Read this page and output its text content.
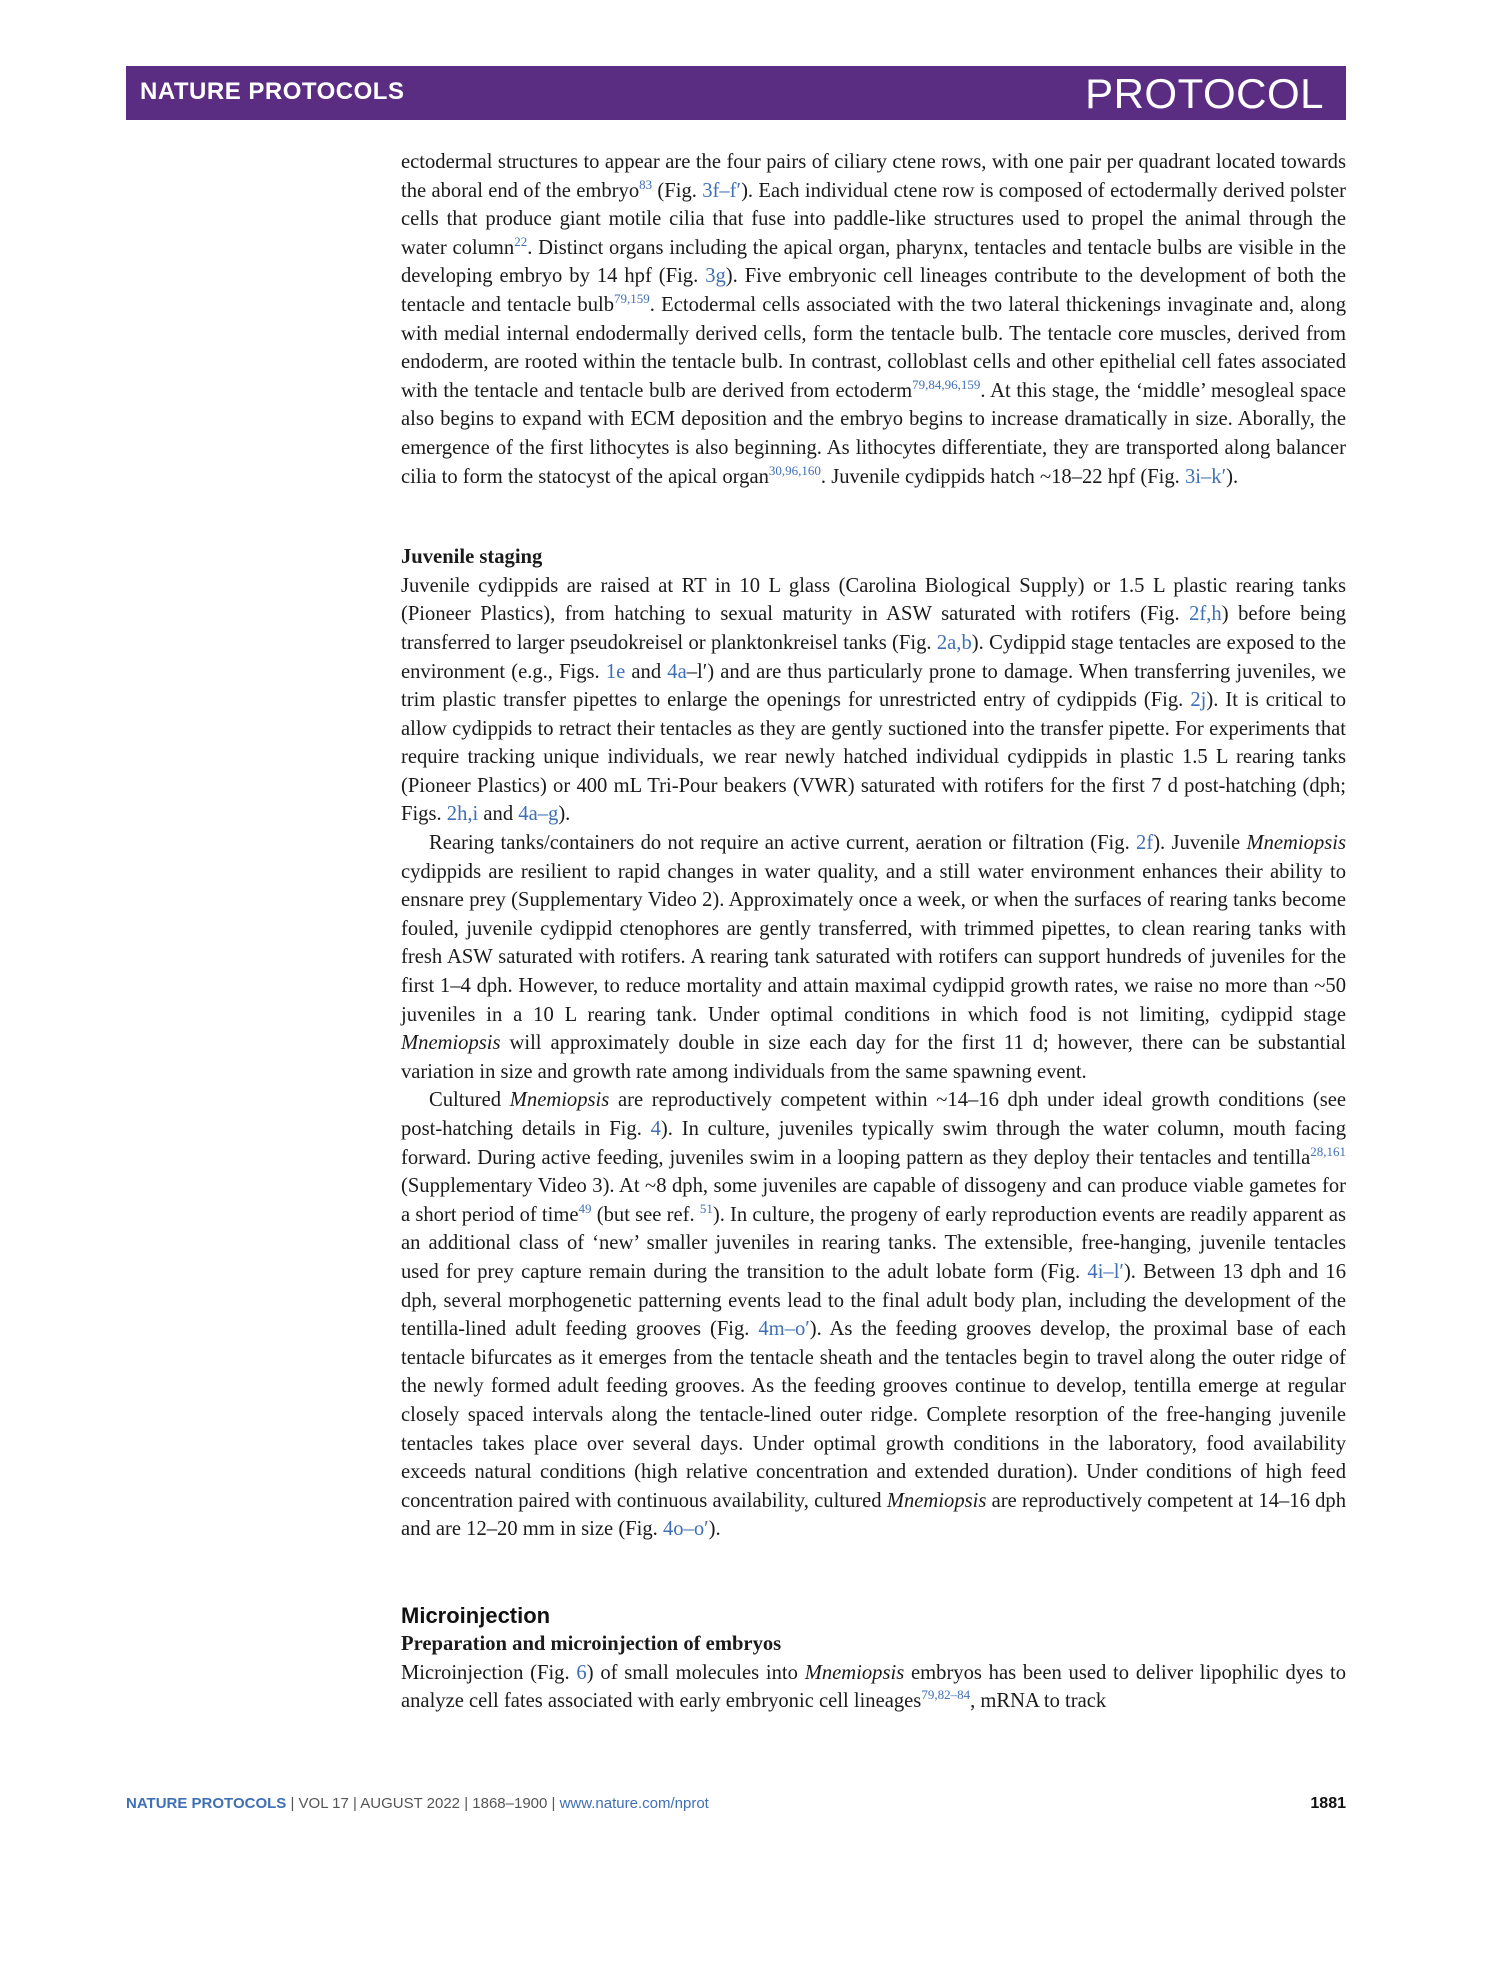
NATURE PROTOCOLS	PROTOCOL

ectodermal structures to appear are the four pairs of ciliary ctene rows, with one pair per quadrant located towards the aboral end of the embryo$^{83}$ (Fig. 3f–f′). Each individual ctene row is composed of ectodermally derived polster cells that produce giant motile cilia that fuse into paddle-like structures used to propel the animal through the water column$^{22}$. Distinct organs including the apical organ, pharynx, tentacles and tentacle bulbs are visible in the developing embryo by 14 hpf (Fig. 3g). Five embryonic cell lineages contribute to the development of both the tentacle and tentacle bulb$^{79,159}$. Ectodermal cells associated with the two lateral thickenings invaginate and, along with medial internal endodermally derived cells, form the tentacle bulb. The tentacle core muscles, derived from endoderm, are rooted within the tentacle bulb. In contrast, colloblast cells and other epithelial cell fates associated with the tentacle and tentacle bulb are derived from ectoderm$^{79,84,96,159}$. At this stage, the ‘middle’ mesogleal space also begins to expand with ECM deposition and the embryo begins to increase dramatically in size. Aborally, the emergence of the first lithocytes is also beginning. As lithocytes differentiate, they are transported along balancer cilia to form the statocyst of the apical organ$^{30,96,160}$. Juvenile cydippids hatch ~18–22 hpf (Fig. 3i–k′).

Juvenile staging

Juvenile cydippids are raised at RT in 10 L glass (Carolina Biological Supply) or 1.5 L plastic rearing tanks (Pioneer Plastics), from hatching to sexual maturity in ASW saturated with rotifers (Fig. 2f,h) before being transferred to larger pseudokreisel or planktonkreisel tanks (Fig. 2a,b). Cydippid stage tentacles are exposed to the environment (e.g., Figs. 1e and 4a–l′) and are thus particularly prone to damage. When transferring juveniles, we trim plastic transfer pipettes to enlarge the openings for unrestricted entry of cydippids (Fig. 2j). It is critical to allow cydippids to retract their tentacles as they are gently suctioned into the transfer pipette. For experiments that require tracking unique individuals, we rear newly hatched individual cydippids in plastic 1.5 L rearing tanks (Pioneer Plastics) or 400 mL Tri-Pour beakers (VWR) saturated with rotifers for the first 7 d post-hatching (dph; Figs. 2h,i and 4a–g).

Rearing tanks/containers do not require an active current, aeration or filtration (Fig. 2f). Juvenile Mnemiopsis cydippids are resilient to rapid changes in water quality, and a still water environment enhances their ability to ensnare prey (Supplementary Video 2). Approximately once a week, or when the surfaces of rearing tanks become fouled, juvenile cydippid ctenophores are gently transferred, with trimmed pipettes, to clean rearing tanks with fresh ASW saturated with rotifers. A rearing tank saturated with rotifers can support hundreds of juveniles for the first 1–4 dph. However, to reduce mortality and attain maximal cydippid growth rates, we raise no more than ~50 juveniles in a 10 L rearing tank. Under optimal conditions in which food is not limiting, cydippid stage Mnemiopsis will approximately double in size each day for the first 11 d; however, there can be substantial variation in size and growth rate among individuals from the same spawning event.

Cultured Mnemiopsis are reproductively competent within ~14–16 dph under ideal growth conditions (see post-hatching details in Fig. 4). In culture, juveniles typically swim through the water column, mouth facing forward. During active feeding, juveniles swim in a looping pattern as they deploy their tentacles and tentilla$^{28,161}$ (Supplementary Video 3). At ~8 dph, some juveniles are capable of dissogeny and can produce viable gametes for a short period of time$^{49}$ (but see ref. $^{51}$). In culture, the progeny of early reproduction events are readily apparent as an additional class of ‘new’ smaller juveniles in rearing tanks. The extensible, free-hanging, juvenile tentacles used for prey capture remain during the transition to the adult lobate form (Fig. 4i–l′). Between 13 dph and 16 dph, several morphogenetic patterning events lead to the final adult body plan, including the development of the tentilla-lined adult feeding grooves (Fig. 4m–o′). As the feeding grooves develop, the proximal base of each tentacle bifurcates as it emerges from the tentacle sheath and the tentacles begin to travel along the outer ridge of the newly formed adult feeding grooves. As the feeding grooves continue to develop, tentilla emerge at regular closely spaced intervals along the tentacle-lined outer ridge. Complete resorption of the free-hanging juvenile tentacles takes place over several days. Under optimal growth conditions in the laboratory, food availability exceeds natural conditions (high relative concentration and extended duration). Under conditions of high feed concentration paired with continuous availability, cultured Mnemiopsis are reproductively competent at 14–16 dph and are 12–20 mm in size (Fig. 4o–o′).

Microinjection

Preparation and microinjection of embryos

Microinjection (Fig. 6) of small molecules into Mnemiopsis embryos has been used to deliver lipophilic dyes to analyze cell fates associated with early embryonic cell lineages$^{79,82-84}$, mRNA to track

NATURE PROTOCOLS | VOL 17 | AUGUST 2022 | 1868–1900 | www.nature.com/nprot	1881
